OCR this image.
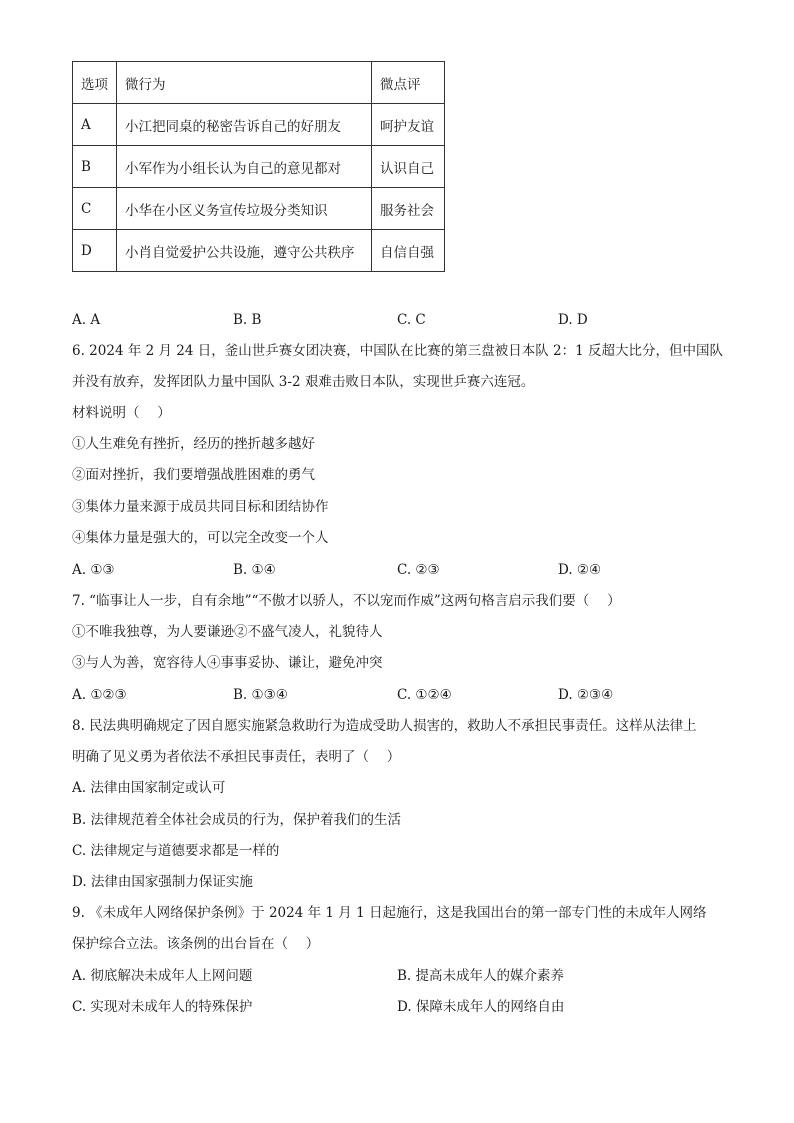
选项	微行为	微点评
A	小江把同桌的秘密告诉自己的好朋友	呵护友谊
B	小军作为小组长认为自己的意见都对	认识自己
C	小华在小区义务宣传垃圾分类知识	服务社会
D	小肖自觉爱护公共设施，遵守公共秩序	自信自强
A. A	B. B	C. C	D. D
6. 2024 年 2 月 24 日，釜山世乒赛女团决赛，中国队在比赛的第三盘被日本队 2：1 反超大比分，但中国队
并没有放弃，发挥团队力量中国队 3-2 艰难击败日本队，实现世乒赛六连冠。
材料说明（　 ）
①人生难免有挫折，经历的挫折越多越好
②面对挫折，我们要增强战胜困难的勇气
③集体力量来源于成员共同目标和团结协作
④集体力量是强大的，可以完全改变一个人
A. ①③	B. ①④	C. ②③	D. ②④
7. “临事让人一步，自有余地”“不傲才以骄人，不以宠而作威”这两句格言启示我们要（　 ）
①不唯我独尊，为人要谦逊②不盛气凌人，礼貌待人
③与人为善，宽容待人④事事妥协、谦让，避免冲突
A. ①②③	B. ①③④	C. ①②④	D. ②③④
8. 民法典明确规定了因自愿实施紧急救助行为造成受助人损害的，救助人不承担民事责任。这样从法律上
明确了见义勇为者依法不承担民事责任，表明了（　 ）
A. 法律由国家制定或认可
B. 法律规范着全体社会成员的行为，保护着我们的生活
C. 法律规定与道德要求都是一样的
D. 法律由国家强制力保证实施
9. 《未成年人网络保护条例》于 2024 年 1 月 1 日起施行，这是我国出台的第一部专门性的未成年人网络
保护综合立法。该条例的出台旨在（　 ）
A. 彻底解决未成年人上网问题	B. 提高未成年人的媒介素养
C. 实现对未成年人的特殊保护	D. 保障未成年人的网络自由
